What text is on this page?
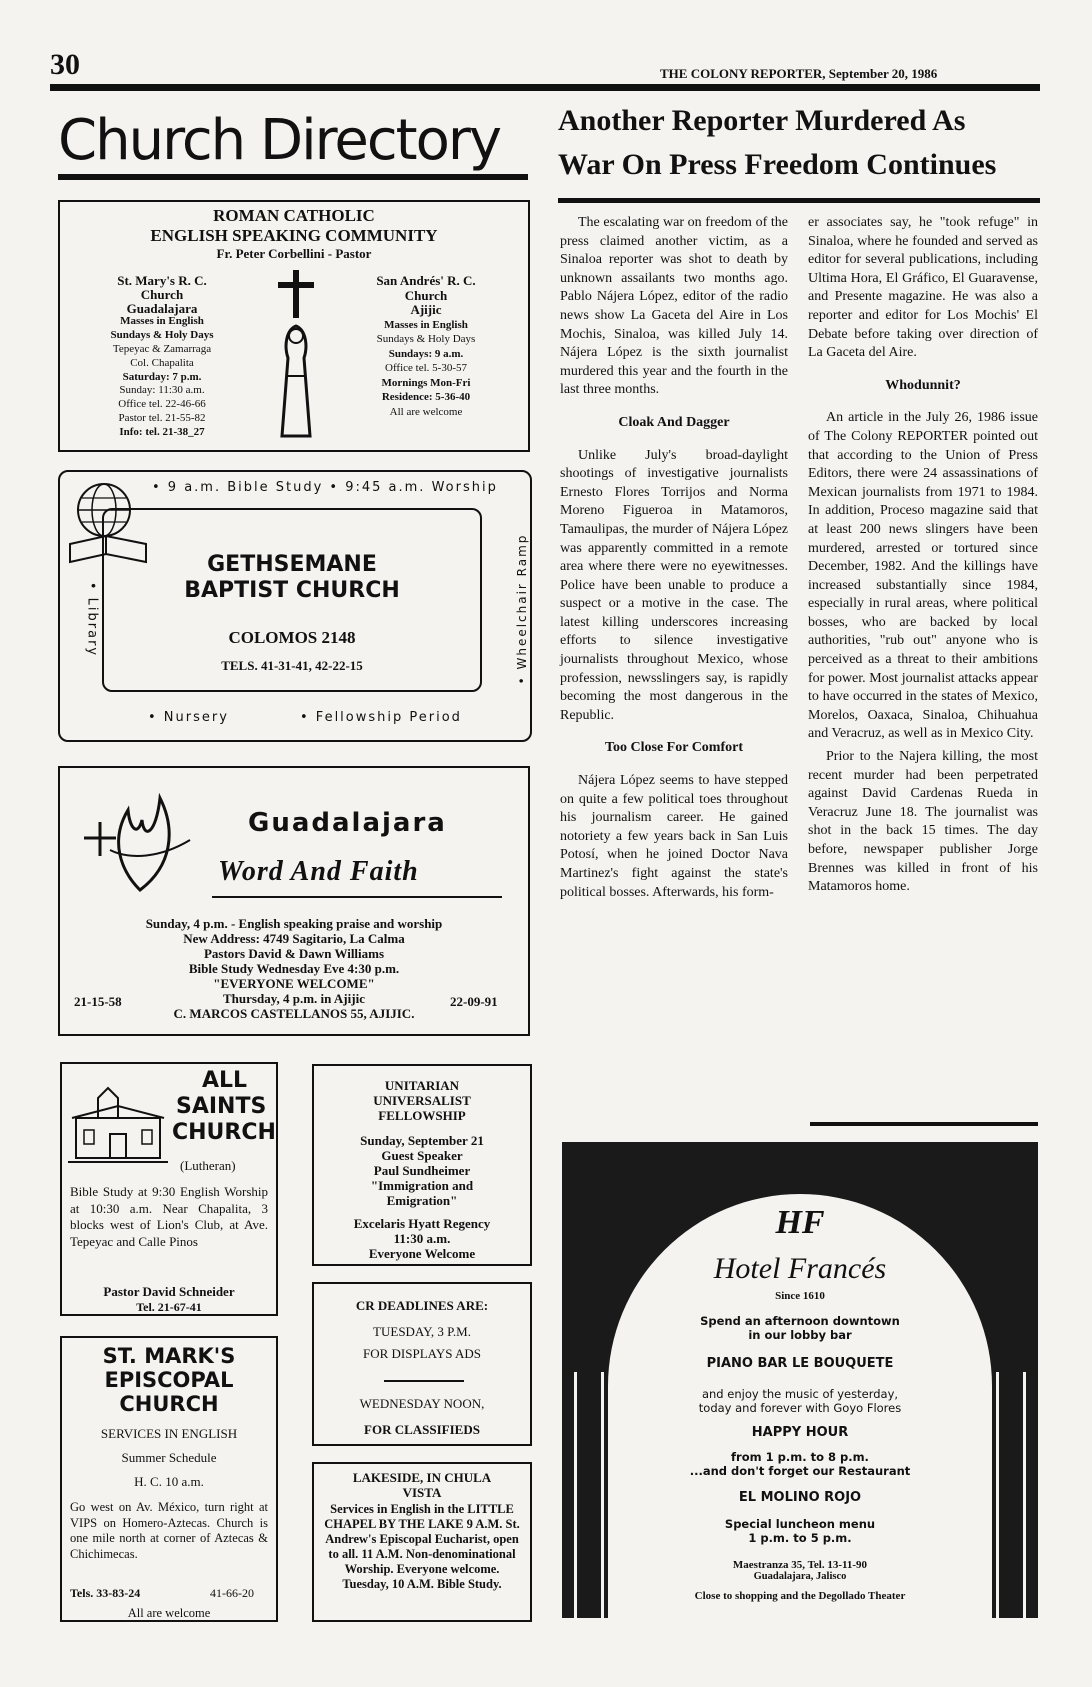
30	THE COLONY REPORTER, September 20, 1986
Church Directory Another Reporter Murdered As
War On Press Freedom Continues

The escalating war on freedom of the press claimed another victim, as a Sinaloa reporter was shot to death by unknown assailants two months ago. Pablo Nájera López, editor of the radio news show La Gaceta del Aire in Los Mochis, Sinaloa, was killed July 14. Nájera López is the sixth journalist murdered this year and the fourth in the last three months.

Cloak And Dagger

Unlike July's broad-daylight shootings of investigative journalists Ernesto Flores Torrijos and Norma Moreno Figueroa in Matamoros, Tamaulipas, the murder of Nájera López was apparently committed in a remote area where there were no eyewitnesses. Police have been unable to produce a suspect or a motive in the case. The latest killing underscores increasing efforts to silence investigative journalists throughout Mexico, whose profession, newsslingers say, is rapidly becoming the most dangerous in the Republic.

Too Close For Comfort

Nájera López seems to have stepped on quite a few political toes throughout his journalism career. He gained notoriety a few years back in San Luis Potosí, when he joined Doctor Nava Martinez's fight against the state's political bosses. Afterwards, his form-

er associates say, he "took refuge" in Sinaloa, where he founded and served as editor for several publications, including Ultima Hora, El Gráfico, El Guaravense, and Presente magazine. He was also a reporter and editor for Los Mochis' El Debate before taking over direction of La Gaceta del Aire.

Whodunnit?

An article in the July 26, 1986 issue of The Colony REPORTER pointed out that according to the Union of Press Editors, there were 24 assassinations of Mexican journalists from 1971 to 1984. In addition, Proceso magazine said that at least 200 news slingers have been murdered, arrested or tortured since December, 1982. And the killings have increased substantially since 1984, especially in rural areas, where political bosses, who are backed by local authorities, "rub out" anyone who is perceived as a threat to their ambitions for power. Most journalist attacks appear to have occurred in the states of Mexico, Morelos, Oaxaca, Sinaloa, Chihuahua and Veracruz, as well as in Mexico City.

Prior to the Najera killing, the most recent murder had been perpetrated against David Cardenas Rueda in Veracruz June 18. The journalist was shot in the back 15 times. The day before, newspaper publisher Jorge Brennes was killed in front of his Matamoros home.

ROMAN CATHOLIC
ENGLISH SPEAKING COMMUNITY
Fr. Peter Corbellini - Pastor
St. Mary's R. C.
Church
Guadalajara
Masses in English
Sundays & Holy Days
Tepeyac & Zamarraga
Col. Chapalita
Saturday: 7 p.m.
Sunday: 11:30 a.m.
Office tel. 22-46-66
Pastor tel. 21-55-82
Info: tel. 21-38_27
San Andrés' R. C.
Church
Ajijic
Masses in English
Sundays & Holy Days
Sundays: 9 a.m.
Office tel. 5-30-57
Mornings Mon-Fri
Residence: 5-36-40
All are welcome
• 9 a.m. Bible Study • 9:45 a.m. Worship
GETHSEMANE
BAPTIST CHURCH
COLOMOS 2148
TELS. 41-31-41, 42-22-15
• Library	• Wheelchair Ramp
• Nursery	• Fellowship Period
Guadalajara
Word And Faith
Sunday, 4 p.m. - English speaking praise and worship
New Address: 4749 Sagitario, La Calma
Pastors David & Dawn Williams
Bible Study Wednesday Eve 4:30 p.m.
"EVERYONE WELCOME"
Thursday, 4 p.m. in Ajijic
C. MARCOS CASTELLANOS 55, AJIJIC.
21-15-58	22-09-91
ALL
SAINTS
CHURCH
(Lutheran)
Bible Study at 9:30 English Worship at 10:30 a.m. Near Chapalita, 3 blocks west of Lion's Club, at Ave. Tepeyac and Calle Pinos
Pastor David Schneider
Tel. 21-67-41
ST. MARK'S
EPISCOPAL
CHURCH
SERVICES IN ENGLISH
Summer Schedule
H. C. 10 a.m.
Go west on Av. México, turn right at VIPS on Homero-Aztecas. Church is one mile north at corner of Aztecas & Chichimecas.
Tels. 33-83-24	41-66-20
All are welcome
UNITARIAN
UNIVERSALIST
FELLOWSHIP
Sunday, September 21
Guest Speaker
Paul Sundheimer
"Immigration and Emigration"
Excelaris Hyatt Regency
11:30 a.m.
Everyone Welcome
CR DEADLINES ARE:
TUESDAY, 3 P.M.
FOR DISPLAYS ADS
WEDNESDAY NOON,
FOR CLASSIFIEDS
LAKESIDE, IN CHULA
VISTA
Services in English in the LITTLE CHAPEL BY THE LAKE 9 A.M. St. Andrew's Episcopal Eucharist, open to all. 11 A.M. Non-denominational Worship. Everyone welcome. Tuesday, 10 A.M. Bible Study.
HF
Hotel Francés
Since 1610
Spend an afternoon downtown
in our lobby bar
PIANO BAR LE BOUQUETE
and enjoy the music of yesterday,
today and forever with Goyo Flores
HAPPY HOUR
from 1 p.m. to 8 p.m.
...and don't forget our Restaurant
EL MOLINO ROJO
Special luncheon menu
1 p.m. to 5 p.m.
Maestranza 35, Tel. 13-11-90
Guadalajara, Jalisco
Close to shopping and the Degollado Theater
